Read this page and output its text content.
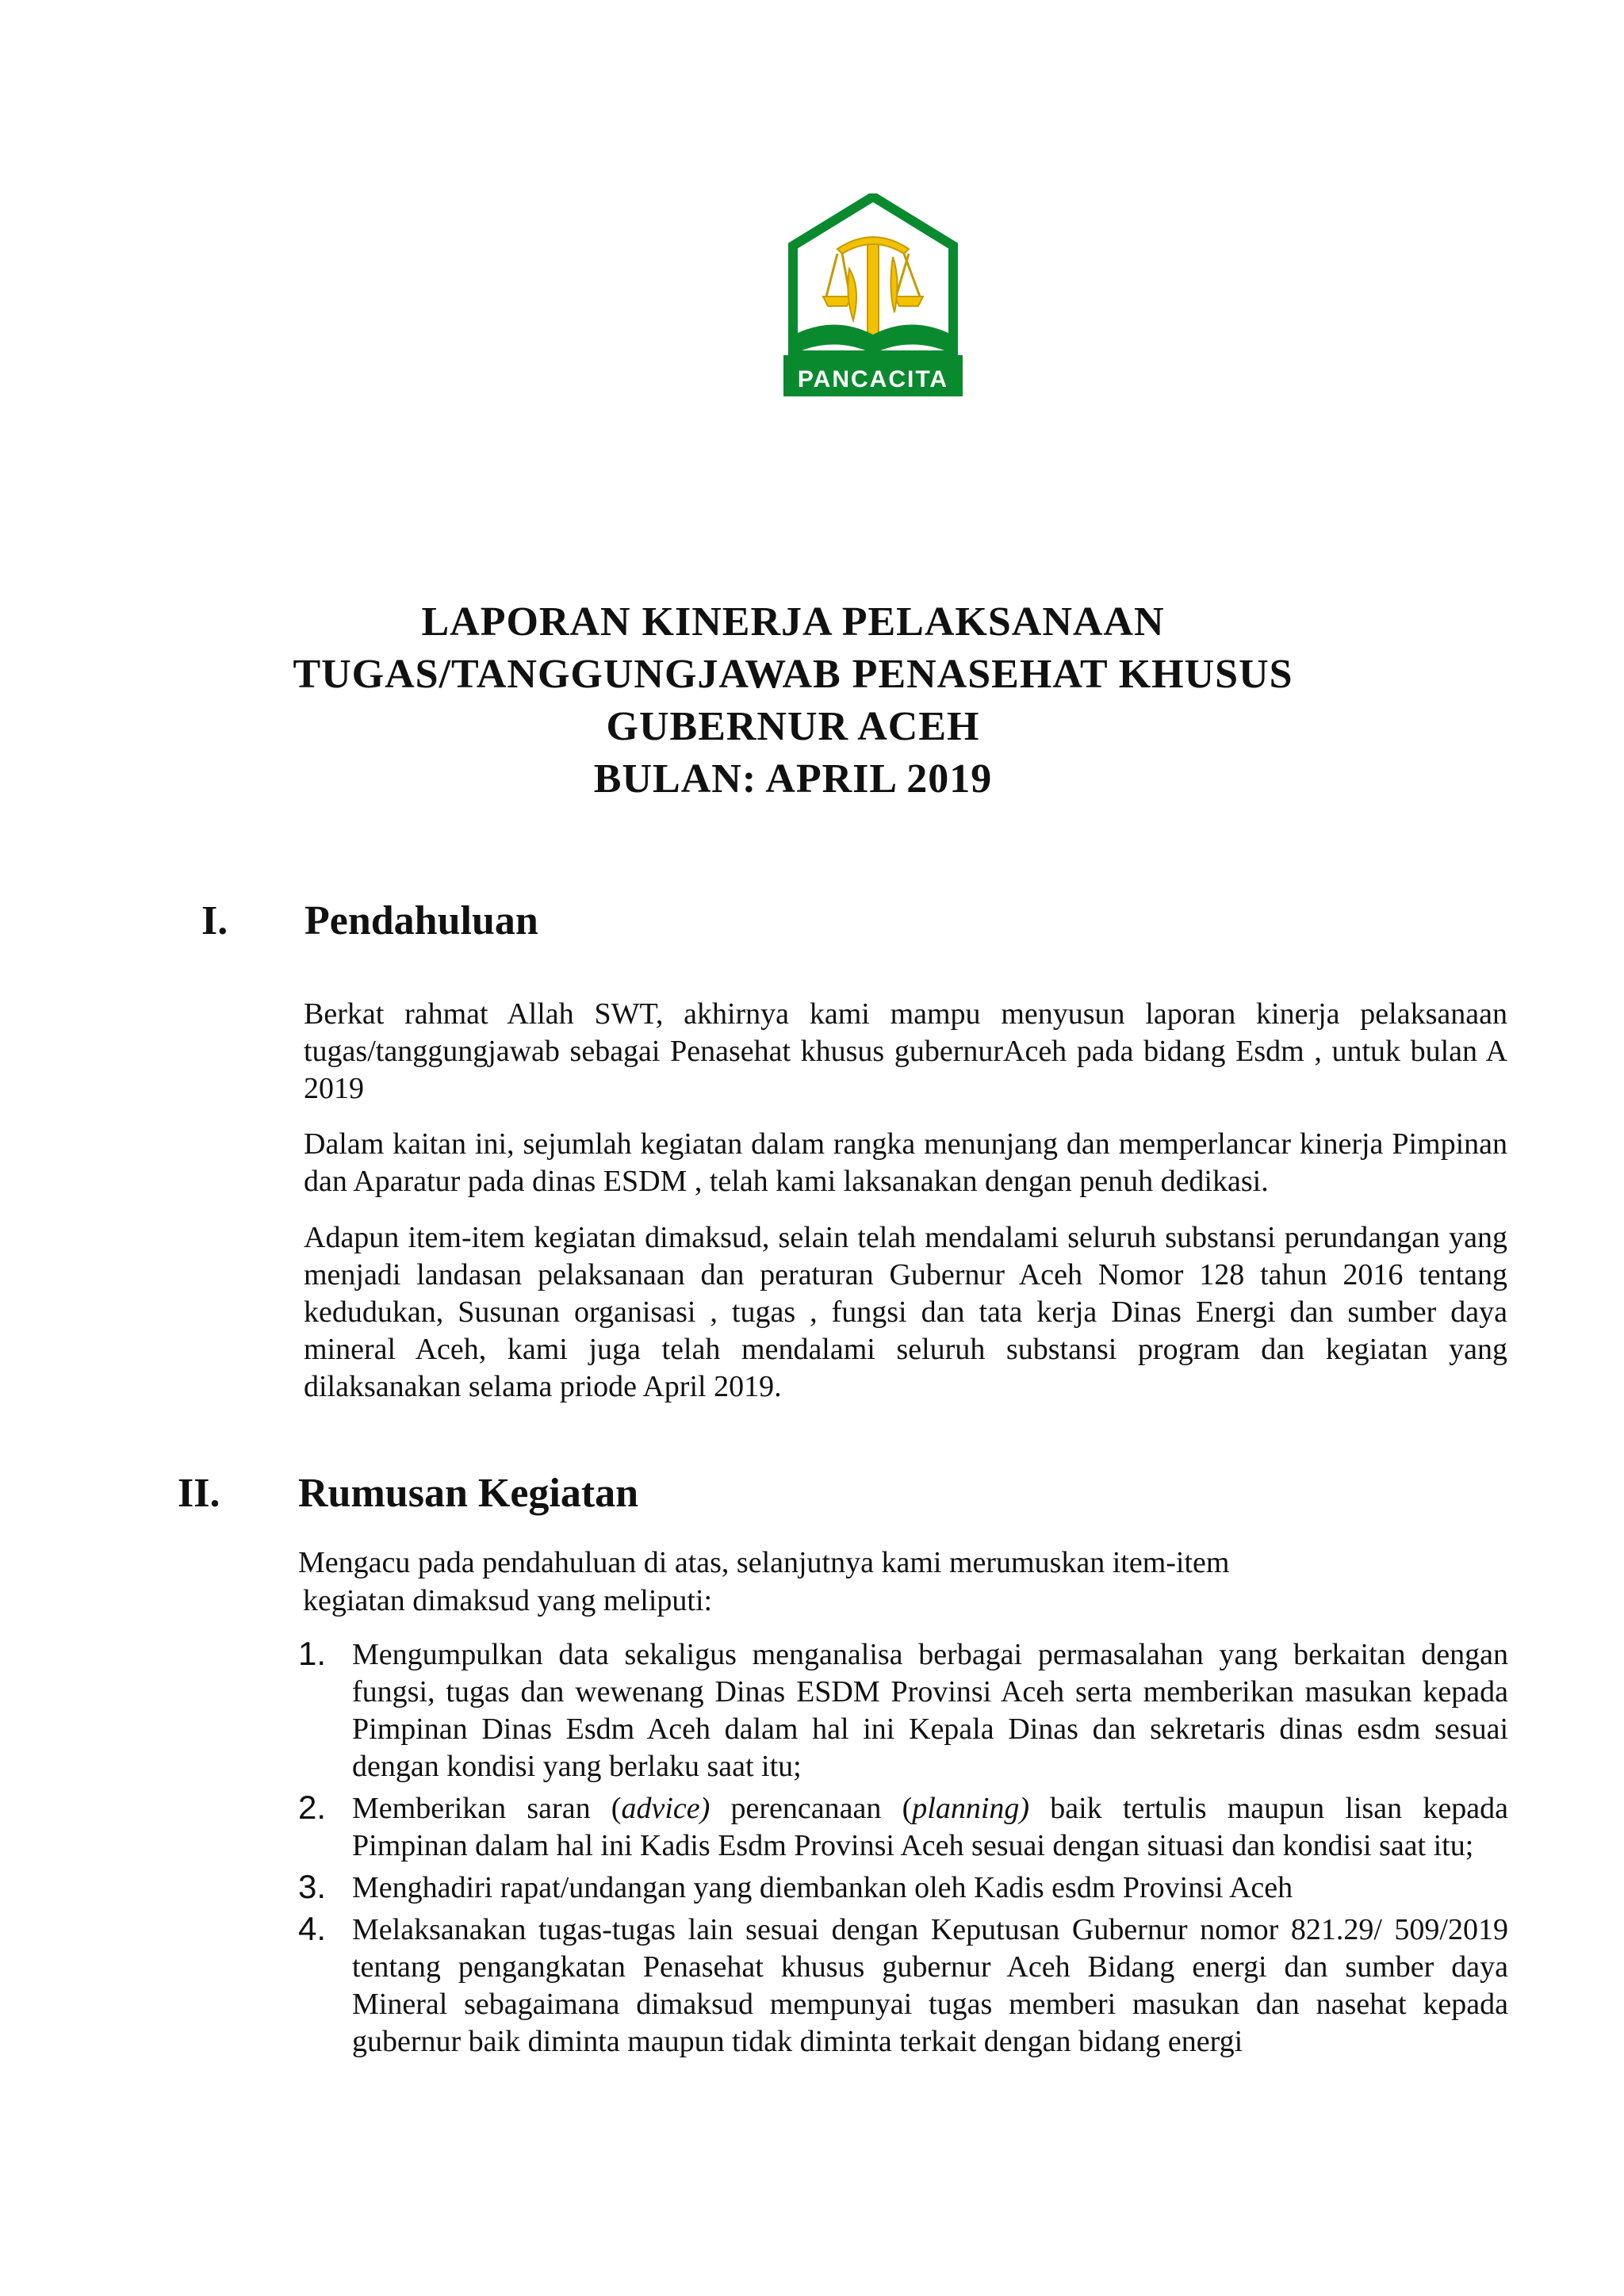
PANCACITA
LAPORAN KINERJA PELAKSANAAN
TUGAS/TANGGUNGJAWAB PENASEHAT KHUSUS
GUBERNUR ACEH
BULAN: APRIL 2019
I. Pendahuluan
Berkat rahmat Allah SWT, akhirnya kami mampu menyusun laporan kinerja pelaksanaan tugas/tanggungjawab sebagai Penasehat khusus gubernurAceh pada bidang Esdm , untuk bulan A 2019
Dalam kaitan ini, sejumlah kegiatan dalam rangka menunjang dan memperlancar kinerja Pimpinan dan Aparatur pada dinas ESDM , telah kami laksanakan dengan penuh dedikasi.
Adapun item-item kegiatan dimaksud, selain telah mendalami seluruh substansi perundangan yang menjadi landasan pelaksanaan dan peraturan Gubernur Aceh Nomor 128 tahun 2016 tentang kedudukan, Susunan organisasi , tugas , fungsi dan tata kerja Dinas Energi dan sumber daya mineral Aceh, kami juga telah mendalami seluruh substansi program dan kegiatan yang dilaksanakan selama priode April 2019.
II. Rumusan Kegiatan
Mengacu pada pendahuluan di atas, selanjutnya kami merumuskan item-item
kegiatan dimaksud yang meliputi:
1. Mengumpulkan data sekaligus menganalisa berbagai permasalahan yang berkaitan dengan fungsi, tugas dan wewenang Dinas ESDM Provinsi Aceh serta memberikan masukan kepada Pimpinan Dinas Esdm Aceh dalam hal ini Kepala Dinas dan sekretaris dinas esdm sesuai dengan kondisi yang berlaku saat itu;
2. Memberikan saran (advice) perencanaan (planning) baik tertulis maupun lisan kepada Pimpinan dalam hal ini Kadis Esdm Provinsi Aceh sesuai dengan situasi dan kondisi saat itu;
3. Menghadiri rapat/undangan yang diembankan oleh Kadis esdm Provinsi Aceh
4. Melaksanakan tugas-tugas lain sesuai dengan Keputusan Gubernur nomor 821.29/ 509/2019 tentang pengangkatan Penasehat khusus gubernur Aceh Bidang energi dan sumber daya Mineral sebagaimana dimaksud mempunyai tugas memberi masukan dan nasehat kepada gubernur baik diminta maupun tidak diminta terkait dengan bidang energi
